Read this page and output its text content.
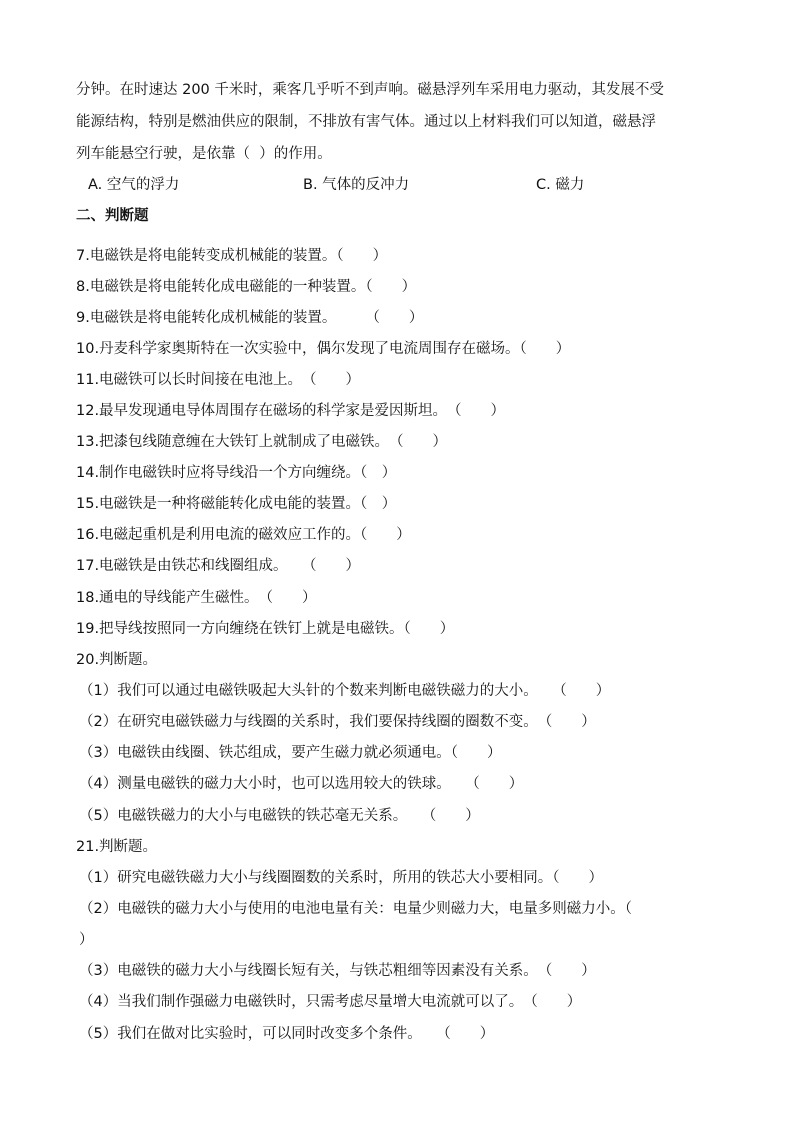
分钟。在时速达 200 千米时，乘客几乎听不到声响。磁悬浮列车采用电力驱动，其发展不受
能源结构，特别是燃油供应的限制，不排放有害气体。通过以上材料我们可以知道，磁悬浮
列车能悬空行驶，是依靠（  ）的作用。
A. 空气的浮力	B. 气体的反冲力	C. 磁力
二、判断题
7.电磁铁是将电能转变成机械能的装置。（　　）
8.电磁铁是将电能转化成电磁能的一种装置。（　　）
9.电磁铁是将电能转化成机械能的装置。　　　（　　）
10.丹麦科学家奥斯特在一次实验中，偶尔发现了电流周围存在磁场。（　　）
11.电磁铁可以长时间接在电池上。　（　　）
12.最早发现通电导体周围存在磁场的科学家是爱因斯坦。　（　　）
13.把漆包线随意缠在大铁钉上就制成了电磁铁。　（　　）
14.制作电磁铁时应将导线沿一个方向缠绕。（　）
15.电磁铁是一种将磁能转化成电能的装置。（　）
16.电磁起重机是利用电流的磁效应工作的。（　　）
17.电磁铁是由铁芯和线圈组成。　　（　　）
18.通电的导线能产生磁性。　（　　）
19.把导线按照同一方向缠绕在铁钉上就是电磁铁。（　　）
20.判断题。
（1）我们可以通过电磁铁吸起大头针的个数来判断电磁铁磁力的大小。　　（　　）
（2）在研究电磁铁磁力与线圈的关系时，我们要保持线圈的圈数不变。　（　　）
（3）电磁铁由线圈、铁芯组成，要产生磁力就必须通电。（　　）
（4）测量电磁铁的磁力大小时，也可以选用较大的铁球。　　（　　）
（5）电磁铁磁力的大小与电磁铁的铁芯毫无关系。　　（　　）
21.判断题。
（1）研究电磁铁磁力大小与线圈圈数的关系时，所用的铁芯大小要相同。（　　）
（2）电磁铁的磁力大小与使用的电池电量有关：电量少则磁力大，电量多则磁力小。（
）
（3）电磁铁的磁力大小与线圈长短有关，与铁芯粗细等因素没有关系。　（　　）
（4）当我们制作强磁力电磁铁时，只需考虑尽量增大电流就可以了。　（　　）
（5）我们在做对比实验时，可以同时改变多个条件。　　（　　）
